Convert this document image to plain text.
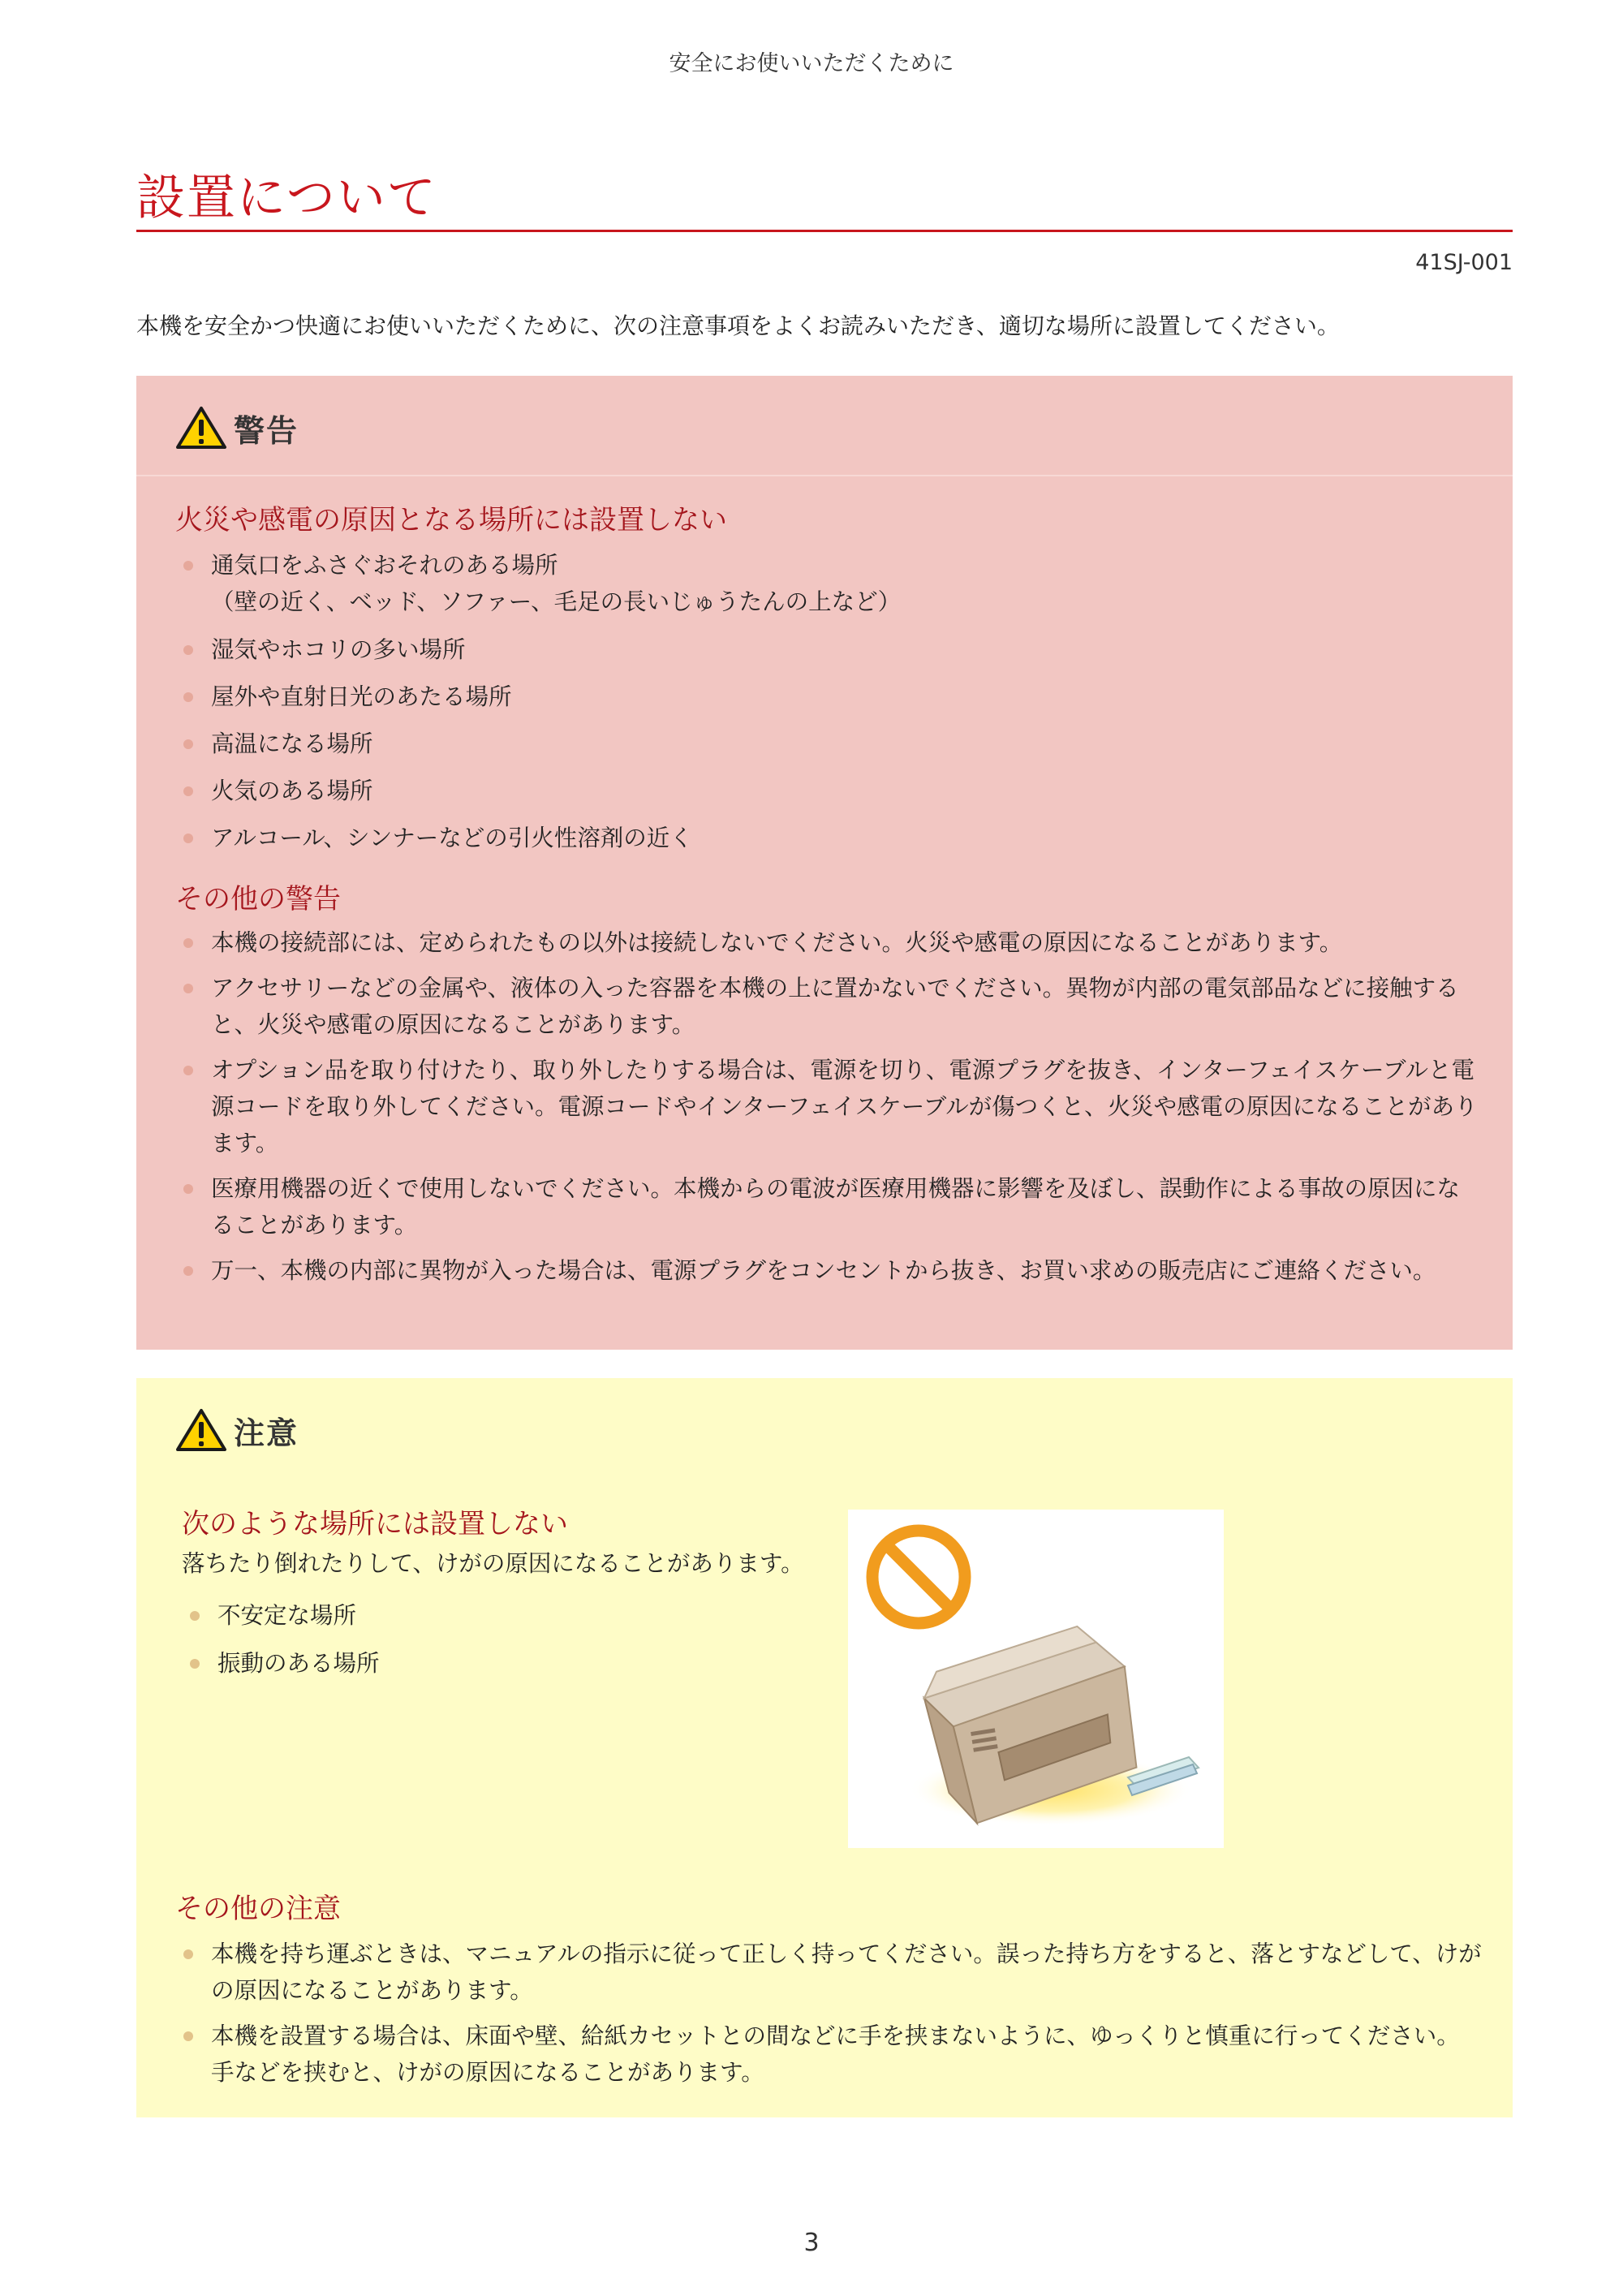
安全にお使いいただくために
設置について
41SJ-001

本機を安全かつ快適にお使いいただくために、次の注意事項をよくお読みいただき、適切な場所に設置してください。

警告
火災や感電の原因となる場所には設置しない
通気口をふさぐおそれのある場所
（壁の近く、ベッド、ソファー、毛足の長いじゅうたんの上など）
湿気やホコリの多い場所
屋外や直射日光のあたる場所
高温になる場所
火気のある場所
アルコール、シンナーなどの引火性溶剤の近く
その他の警告
本機の接続部には、定められたもの以外は接続しないでください。火災や感電の原因になることがあります。
アクセサリーなどの金属や、液体の入った容器を本機の上に置かないでください。異物が内部の電気部品などに接触すると、火災や感電の原因になることがあります。
オプション品を取り付けたり、取り外したりする場合は、電源を切り、電源プラグを抜き、インターフェイスケーブルと電源コードを取り外してください。電源コードやインターフェイスケーブルが傷つくと、火災や感電の原因になることがあります。
医療用機器の近くで使用しないでください。本機からの電波が医療用機器に影響を及ぼし、誤動作による事故の原因になることがあります。
万一、本機の内部に異物が入った場合は、電源プラグをコンセントから抜き、お買い求めの販売店にご連絡ください。
注意
次のような場所には設置しない

落ちたり倒れたりして、けがの原因になることがあります。

不安定な場所
振動のある場所
その他の注意
本機を持ち運ぶときは、マニュアルの指示に従って正しく持ってください。誤った持ち方をすると、落とすなどして、けがの原因になることがあります。
本機を設置する場合は、床面や壁、給紙カセットとの間などに手を挟まないように、ゆっくりと慎重に行ってください。手などを挟むと、けがの原因になることがあります。
3
